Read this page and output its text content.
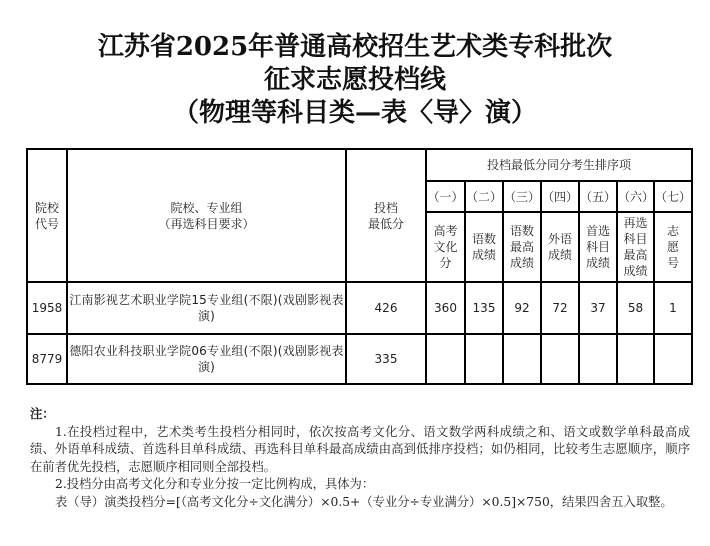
江苏省2025年普通高校招生艺术类专科批次
征求志愿投档线
（物理等科目类—表〈导〉演）
院校
代号

院校、专业组
（再选科目要求）

投档
最低分
	投档最低分同分考生排序项
			（一）	（二）	（三）	（四）	（五）	（六）	（七）

高考
文化
分

语数
成绩

语数
最高
成绩

外语
成绩

首选
科目
成绩

再选
科目
最高
成绩

志
愿
号

1958	江南影视艺术职业学院15专业组(不限)(戏剧影视表演)	426	360	135	92	72	37	58	1
8779	德阳农业科技职业学院06专业组(不限)(戏剧影视表演)	335							

注：

1.在投档过程中，艺术类考生投档分相同时，依次按高考文化分、语文数学两科成绩之和、语文或数学单科最高成绩、外语单科成绩、首选科目单科成绩、再选科目单科最高成绩由高到低排序投档；如仍相同，比较考生志愿顺序，顺序在前者优先投档，志愿顺序相同则全部投档。

2.投档分由高考文化分和专业分按一定比例构成，具体为：

表（导）演类投档分=[（高考文化分÷文化满分）×0.5+（专业分÷专业满分）×0.5]×750，结果四舍五入取整。
